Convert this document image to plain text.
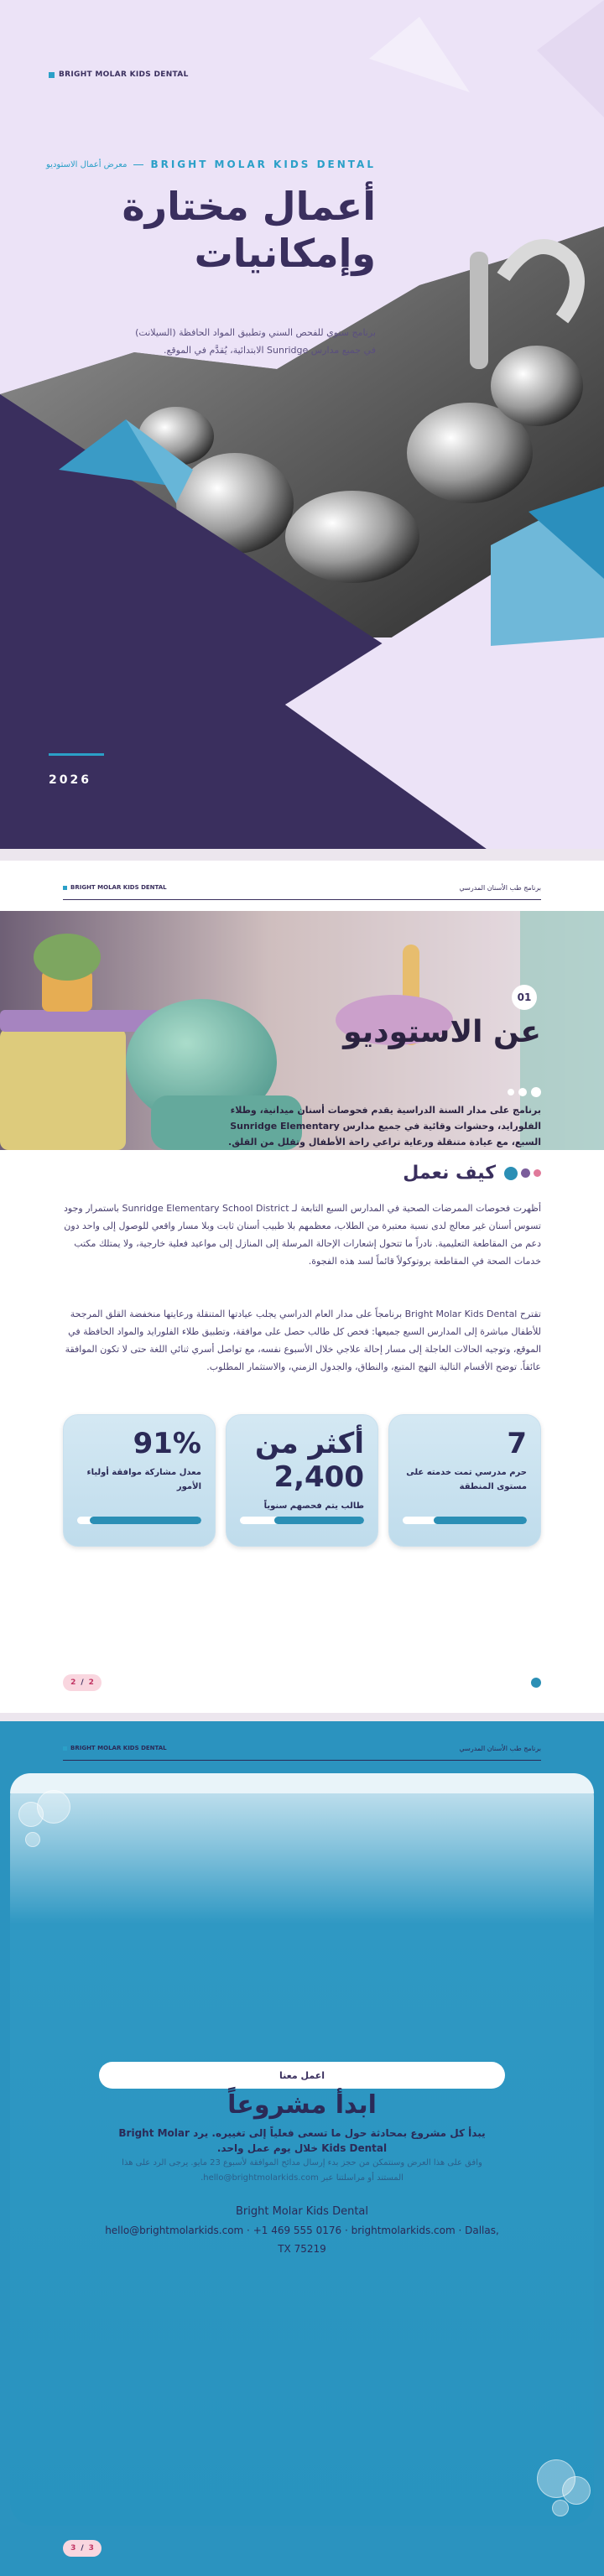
BRIGHT MOLAR KIDS DENTAL
معرض أعمال الاستوديو BRIGHT MOLAR KIDS DENTAL
أعمال مختارة
وإمكانيات

برنامج سنوي للفحص السني وتطبيق المواد الحافظة (السيلانت) في جميع مدارس Sunridge الابتدائية، يُقدَّم في الموقع.

2026
برنامج طب الأسنان المدرسي
BRIGHT MOLAR KIDS DENTAL
01
عن الاستوديو

برنامج على مدار السنة الدراسية يقدم فحوصات أسنان ميدانية، وطلاء الفلورايد، وحشوات وقائية في جميع مدارس Sunridge Elementary السبع، مع عيادة متنقلة ورعاية تراعي راحة الأطفال وتقلل من القلق.

كيف نعمل

أظهرت فحوصات الممرضات الصحية في المدارس السبع التابعة لـ Sunridge Elementary School District باستمرار وجود تسوس أسنان غير معالج لدى نسبة معتبرة من الطلاب، معظمهم بلا طبيب أسنان ثابت وبلا مسار واقعي للوصول إلى واحد دون دعم من المقاطعة التعليمية. نادراً ما تتحول إشعارات الإحالة المرسلة إلى المنازل إلى مواعيد فعلية خارجية، ولا يمتلك مكتب خدمات الصحة في المقاطعة بروتوكولاً قائماً لسد هذه الفجوة.

تقترح Bright Molar Kids Dental برنامجاً على مدار العام الدراسي يجلب عيادتها المتنقلة ورعايتها منخفضة القلق المرجحة للأطفال مباشرة إلى المدارس السبع جميعها: فحص كل طالب حصل على موافقة، وتطبيق طلاء الفلورايد والمواد الحافظة في الموقع، وتوجيه الحالات العاجلة إلى مسار إحالة علاجي خلال الأسبوع نفسه، مع تواصل أسري ثنائي اللغة حتى لا تكون الموافقة عائقاً. توضح الأقسام التالية النهج المتبع، والنطاق، والجدول الزمني، والاستثمار المطلوب.

91%
معدل مشاركة موافقة أولياء الأمور
أكثر من 2,400
طالب يتم فحصهم سنوياً
7
حرم مدرسي تمت خدمته على مستوى المنطقة
2 / 2
برنامج طب الأسنان المدرسي
BRIGHT MOLAR KIDS DENTAL
اعمل معنا
ابدأ مشروعاً

يبدأ كل مشروع بمحادثة حول ما تسعى فعلياً إلى تغييره. يرد Bright Molar Kids Dental خلال يوم عمل واحد.

وافق على هذا العرض وسنتمكن من حجز بدء إرسال مدائح الموافقة لأسبوع 23 مايو. يرجى الرد على هذا المستند أو مراسلتنا عبر hello@brightmolarkids.com.

Bright Molar Kids Dental
hello@brightmolarkids.com · +1 469 555 0176 · brightmolarkids.com · Dallas, TX 75219
3 / 3
